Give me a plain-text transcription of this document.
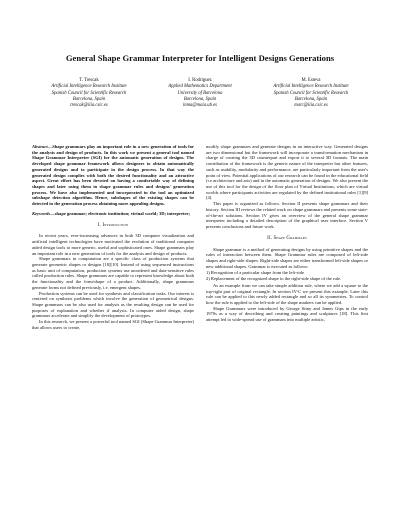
General Shape Grammar Interpreter for Intelligent Designs Generations
T. Trescak
Artificial Intelligence Research Institute
Spanish Council for Scientific Research
Barcelona, Spain
trescak@iiia.csic.es
I. Rodriguez
Applied Mathematics Department
University of Barcelona
Barcelona, Spain
inma@maia.ub.es
M. Esteva
Artificial Intelligence Research Institute
Spanish Council for Scientific Research
Barcelona, Spain
marc@iiia.csic.es
Abstract—Shape grammars play an important role in a new generation of tools for the analysis and design of products. In this work we present a general tool named Shape Grammar Interpreter (SGI) for the automatic generation of designs. The developed shape grammar framework allows designers to obtain automatically generated designs and to participate in the design process. In that way the generated design complies with both the desired functionality and an attractive aspect. Great effort has been devoted on having a comfortable way of defining shapes and later using them in shape grammar rules and designs' generation process. We have also implemented and incorporated in the tool an optimized subshape detection algorithm. Hence, subshapes of the existing shapes can be detected in the generation process obtaining more appealing designs.
Keywords—shape grammar; electronic institution; virtual world; 3D; interpreter;
I. Introduction

In recent years, ever-increasing advances in both 3D computer visualization and artificial intelligent technologies have motivated the evolution of traditional computer aided design tools to more generic, useful and sophisticated ones. Shape grammars play an important role in a new generation of tools for the analysis and design of products.

Shape grammars in computation are a specific class of production systems that generate geometric shapes or designs [18][10]. Instead of using sequenced instructions as basic unit of computation, production systems use unordered and data-sensitive rules called production rules. Shape grammars are capable to represent knowledge about both the functionality and the form/shape of a product. Additionally, shape grammars generate forms not defined previously, i.e. emergent shapes.

Production systems can be used for synthesis and classification tasks. Our interest is centered on synthesis problems which involve the generation of geometrical designs. Shape grammars can be also used for analysis as the resulting design can be used for purposes of explanation and whether if analysis. In computer aided design, shape grammars accelerate and simplify the development of prototypes.

In this research, we present a powerful tool named SGI (Shape Grammar Interpreter) that allows users to create,

modify shape grammars and generate designs in an interactive way. Generated designs are two dimensional but the framework will incorporate a transformation mechanism in charge of creating the 3D counterpart and export it to several 3D formats. The main contribution of the framework is the generic nature of the interpreter but other features, such as usability, modularity and performance, are particularly important from the user's point of view. Potential applications of our research can be found in the educational field (i.e architecture and arts) and in the automatic generation of designs. We also present the use of this tool for the design of the floor plan of Virtual Institutions, which are virtual worlds where participants activities are regulated by the defined institutional rules [1][9][4].

This paper is organized as follows. Section II presents shape grammars and their history. Section III reviews the related work on shape grammars and presents some state-of-the-art solutions. Section IV gives an overview of the general shape grammar interpreter including a detailed description of the graphical user interface. Section V presents conclusions and future work.

II. Shape Grammars

Shape grammar is a method of generating designs by using primitive shapes and the rules of interaction between them. Shape Grammar rules are composed of left-side shapes and right-side shapes. Right-side shapes are either transformed left-side shapes or new additional shapes. Grammar is executed as follows:

1) Recognition of a particular shape from the left-side
2) Replacement of the recognized shape to the right-side shape of the rule.

As an example from we can take simple addition rule, where we add a square to the top-right part of original rectangle. In section IV-C we present this example. Later this rule can be applied to this newly added rectangle and so all its symmetries. To control how the rule is applied to the left-side of the shape markers can be applied.

Shape Grammars were introduced by George Stiny and James Gips in the early 1970s as a way of describing and creating paintings and sculptures [18]. This first attempt led to wide-spread use of grammars into multiple artistic,
